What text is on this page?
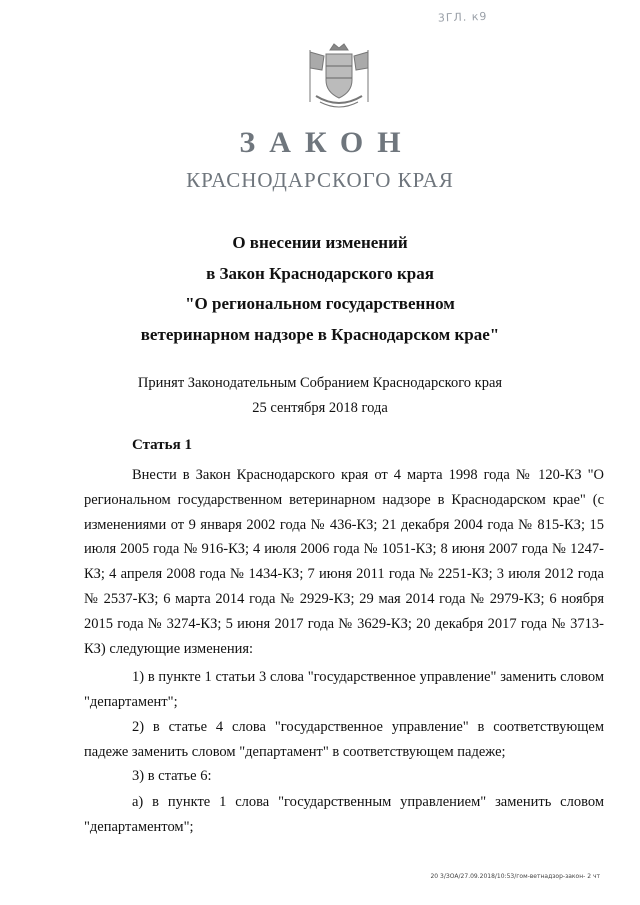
3ГЛ. к9
ЗАКОН
КРАСНОДАРСКОГО КРАЯ
О внесении изменений
в Закон Краснодарского края
"О региональном государственном
ветеринарном надзоре в Краснодарском крае"
Принят Законодательным Собранием Краснодарского края
25 сентября 2018 года
Статья 1
Внести в Закон Краснодарского края от 4 марта 1998 года № 120-КЗ "О региональном государственном ветеринарном надзоре в Краснодарском крае" (с изменениями от 9 января 2002 года № 436-КЗ; 21 декабря 2004 года № 815-КЗ; 15 июля 2005 года № 916-КЗ; 4 июля 2006 года № 1051-КЗ; 8 июня 2007 года № 1247-КЗ; 4 апреля 2008 года № 1434-КЗ; 7 июня 2011 года № 2251-КЗ; 3 июля 2012 года № 2537-КЗ; 6 марта 2014 года № 2929-КЗ; 29 мая 2014 года № 2979-КЗ; 6 ноября 2015 года № 3274-КЗ; 5 июня 2017 года № 3629-КЗ; 20 декабря 2017 года № 3713-КЗ) следующие изменения:
1) в пункте 1 статьи 3 слова "государственное управление" заменить словом "департамент";
2) в статье 4 слова "государственное управление" в соответствующем падеже заменить словом "департамент" в соответствующем падеже;
3) в статье 6:
а) в пункте 1 слова "государственным управлением" заменить словом "департаментом";
20 3/ЗОА/27.09.2018/10:53/гом-ветнадзор-закон- 2 чт
